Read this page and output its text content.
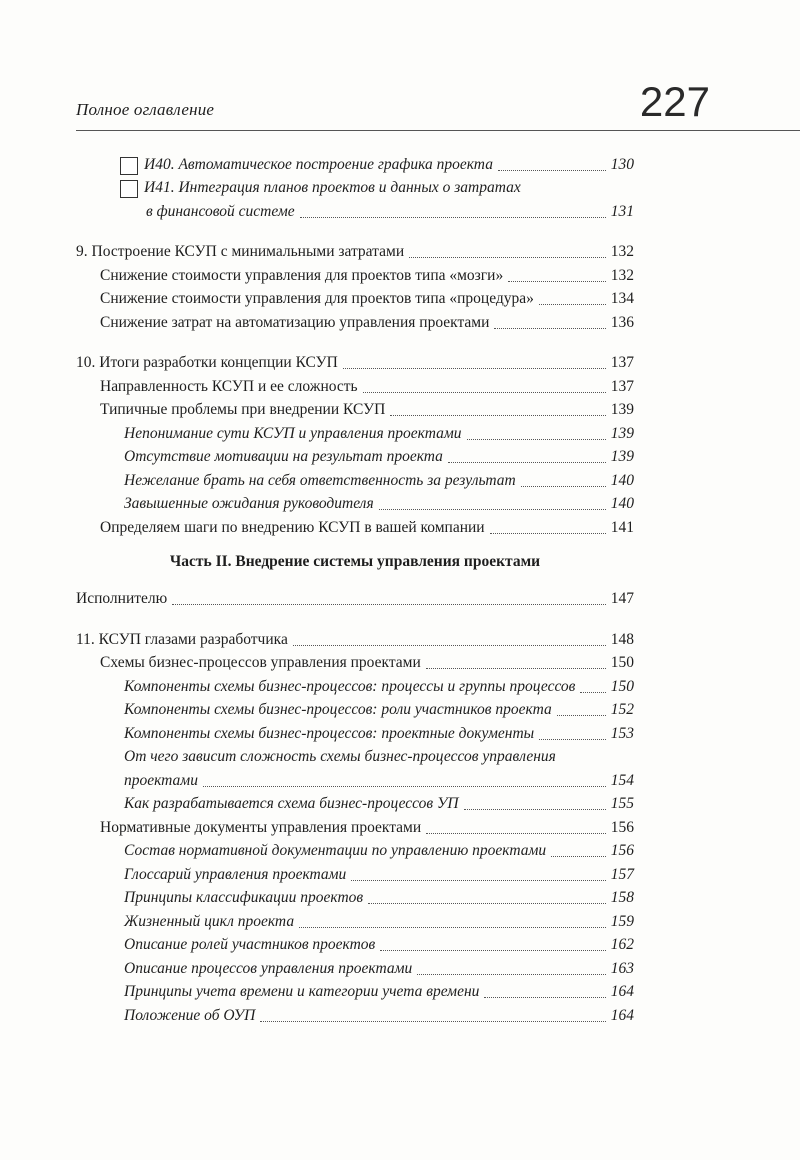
Полное оглавление	227
И40. Автоматическое построение графика проекта	130
И41. Интеграция планов проектов и данных о затратах
в финансовой системе	131
9. Построение КСУП с минимальными затратами	132
Снижение стоимости управления для проектов типа «мозги»	132
Снижение стоимости управления для проектов типа «процедура»	134
Снижение затрат на автоматизацию управления проектами	136
10. Итоги разработки концепции КСУП	137
Направленность КСУП и ее сложность	137
Типичные проблемы при внедрении КСУП	139
Непонимание сути КСУП и управления проектами	139
Отсутствие мотивации на результат проекта	139
Нежелание брать на себя ответственность за результат	140
Завышенные ожидания руководителя	140
Определяем шаги по внедрению КСУП в вашей компании	141
Часть II. Внедрение системы управления проектами
Исполнителю	147
11. КСУП глазами разработчика	148
Схемы бизнес-процессов управления проектами	150
Компоненты схемы бизнес-процессов: процессы и группы процессов 150
Компоненты схемы бизнес-процессов: роли участников проекта	152
Компоненты схемы бизнес-процессов: проектные документы	153
От чего зависит сложность схемы бизнес-процессов управления
проектами	154
Как разрабатывается схема бизнес-процессов УП	155
Нормативные документы управления проектами	156
Состав нормативной документации по управлению проектами	156
Глоссарий управления проектами	157
Принципы классификации проектов	158
Жизненный цикл проекта	159
Описание ролей участников проектов	162
Описание процессов управления проектами	163
Принципы учета времени и категории учета времени	164
Положение об ОУП	164
